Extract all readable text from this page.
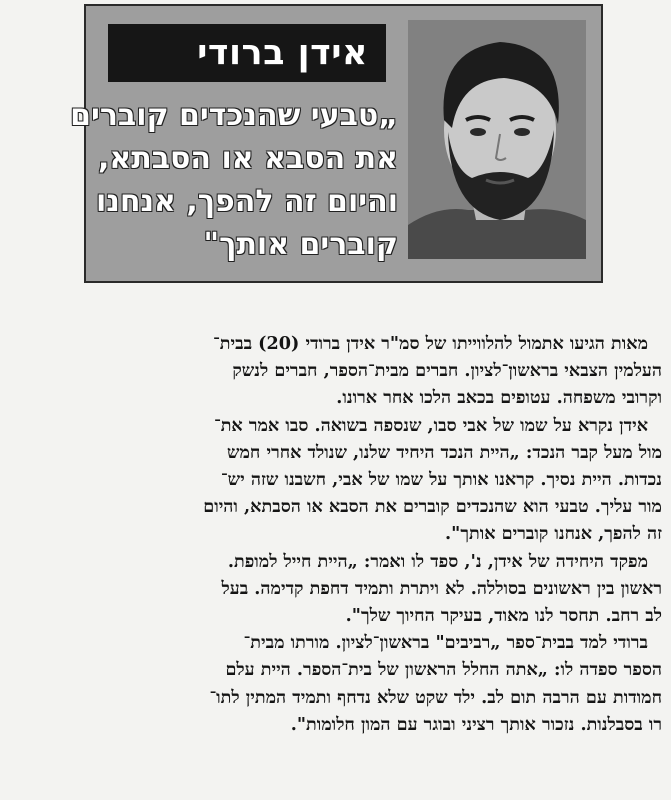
אידן ברודי
„טבעי שהנכדים קוברים
את הסבא או הסבתא,
והיום זה להפך, אנחנו
קוברים אותך"
מאות הגיעו אתמול להלווייתו של סמ"ר אידן ברודי (20) בבית־
העלמין הצבאי בראשון־לציון. חברים מבית־הספר, חברים לנשק
וקרובי משפחה. עטופים בכאב הלכו אחר ארונו.
אידן נקרא על שמו של אבי סבו, שנספה בשואה. סבו אמר את־
מול מעל קבר הנכד: „היית הנכד היחיד שלנו, שנולד אחרי חמש
נכדות. היית נסיך. קראנו אותך על שמו של אבי, חשבנו שזה יש־
מור עליך. טבעי הוא שהנכדים קוברים את הסבא או הסבתא, והיום
זה להפך, אנחנו קוברים אותך".
מפקד היחידה של אידן, נ', ספד לו ואמר: „היית חייל למופת.
ראשון בין ראשונים בסוללה. לא ויתרת ותמיד דחפת קדימה. בעל
לב רחב. תחסר לנו מאוד, בעיקר החיוך שלך".
ברודי למד בבית־ספר „רביבים" בראשון־לציון. מורתו מבית־
הספר ספדה לו: „אתה החלל הראשון של בית־הספר. היית עלם
חמודות עם הרבה תום לב. ילד שקט שלא נדחף ותמיד המתין לתו־
רו בסבלנות. נזכור אותך רציני ובוגר עם המון חלומות".
